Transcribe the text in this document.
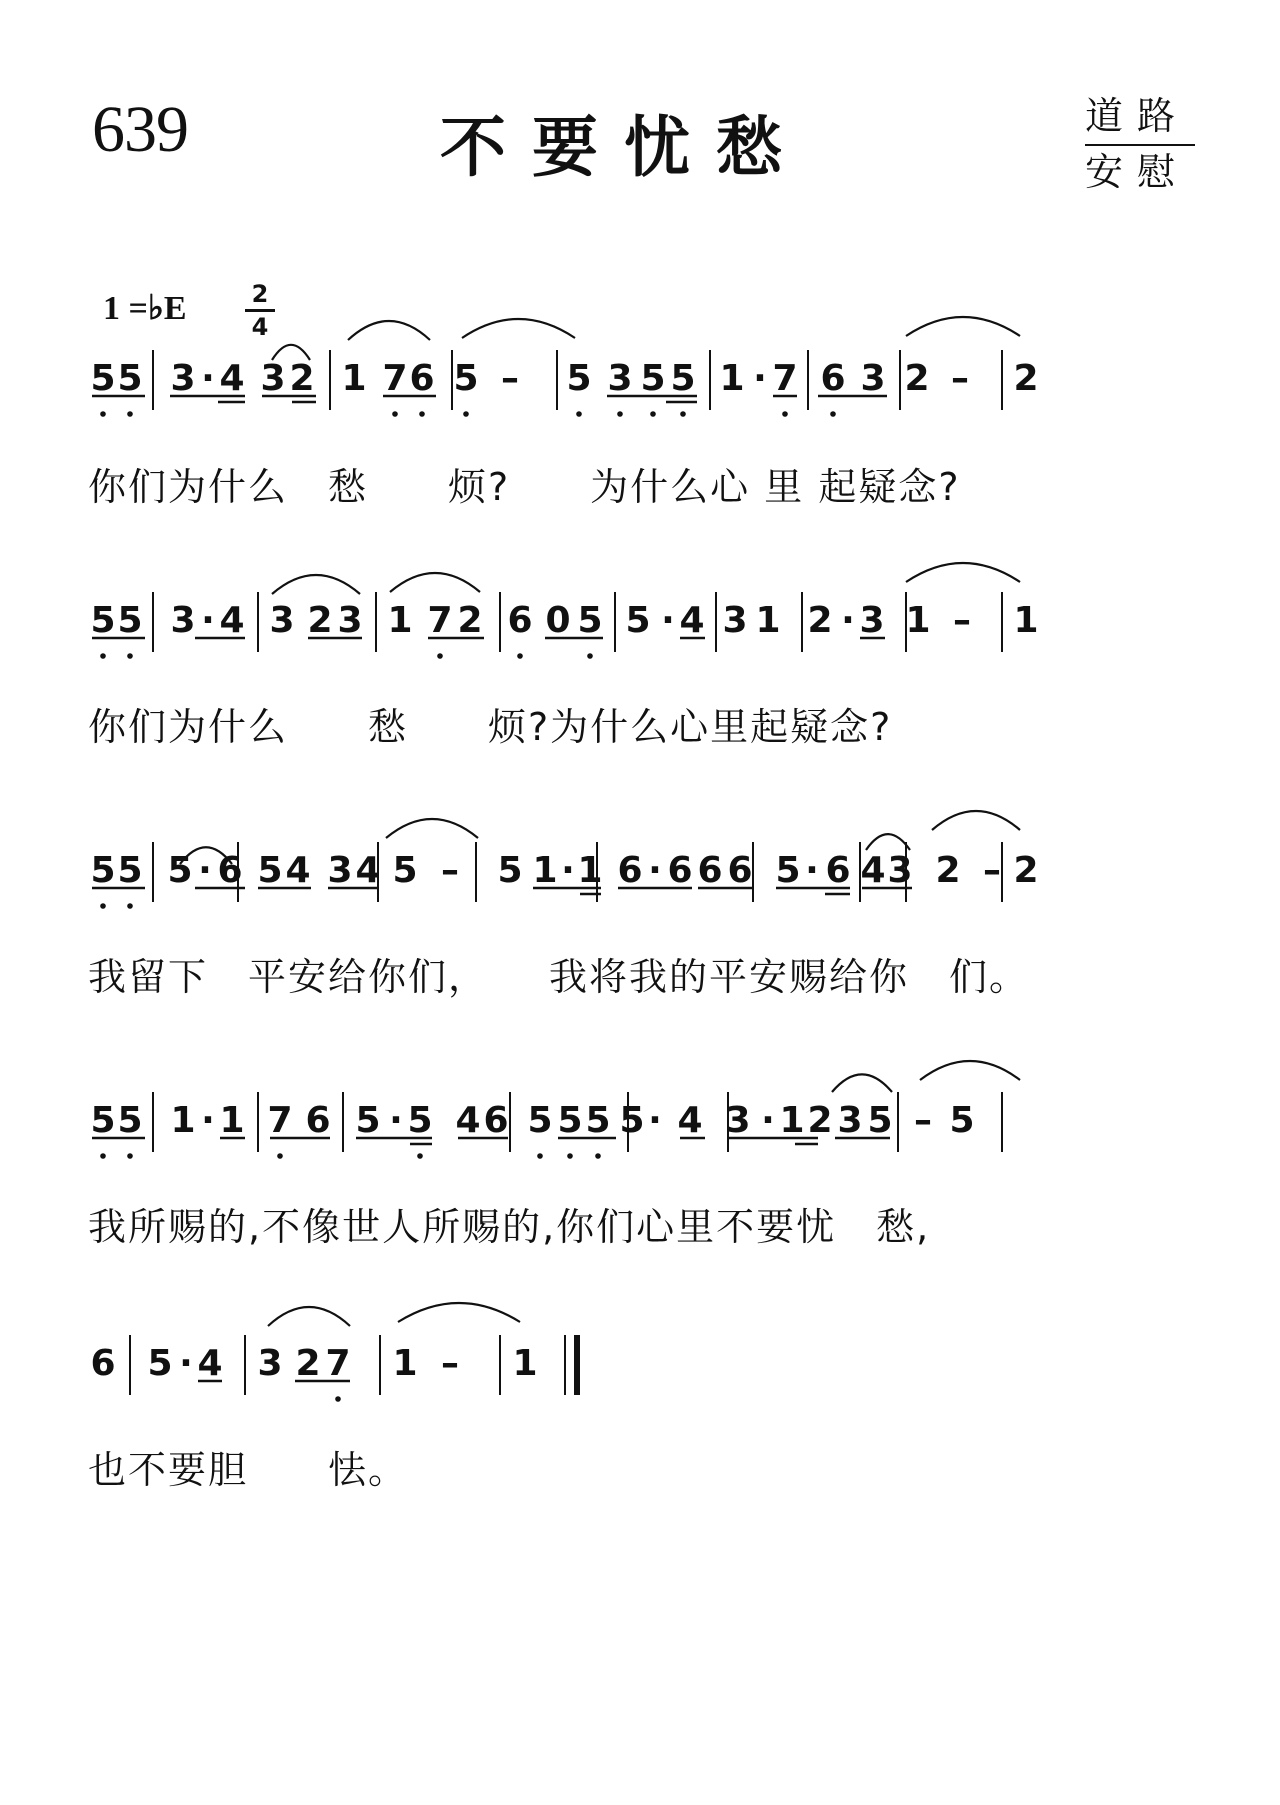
639	不要忧愁	道路
安慰
1 =♭E	2
4
5 5 3 · 4 3 2 1 7 6 5 – 5 3 5 5 1 · 7 6 3 2 – 2
你们为什么　愁　　烦?　　为什么心 里 起疑念?
5 5 3 · 4 3 2 3 1 7 2 6 0 5 5 · 4 3 1 2 · 3 1 – 1
你们为什么　　愁　　烦?为什么心里起疑念?
5 5 5 · 6 5 4 3 4 5 – 5 1 · 1 6 · 6 6 6 5 · 6 4 3 2 – 2
我留下　平安给你们，　　我将我的平安赐给你　们。
5 5 1 · 1 7 6 5 · 5 4 6 5 5 5 5 · 4 3 · 1 2 3 5 – 5
我所赐的,不像世人所赐的,你们心里不要忧　愁,
6 5 · 4 3 2 7 1 – 1
也不要胆　　怯。
